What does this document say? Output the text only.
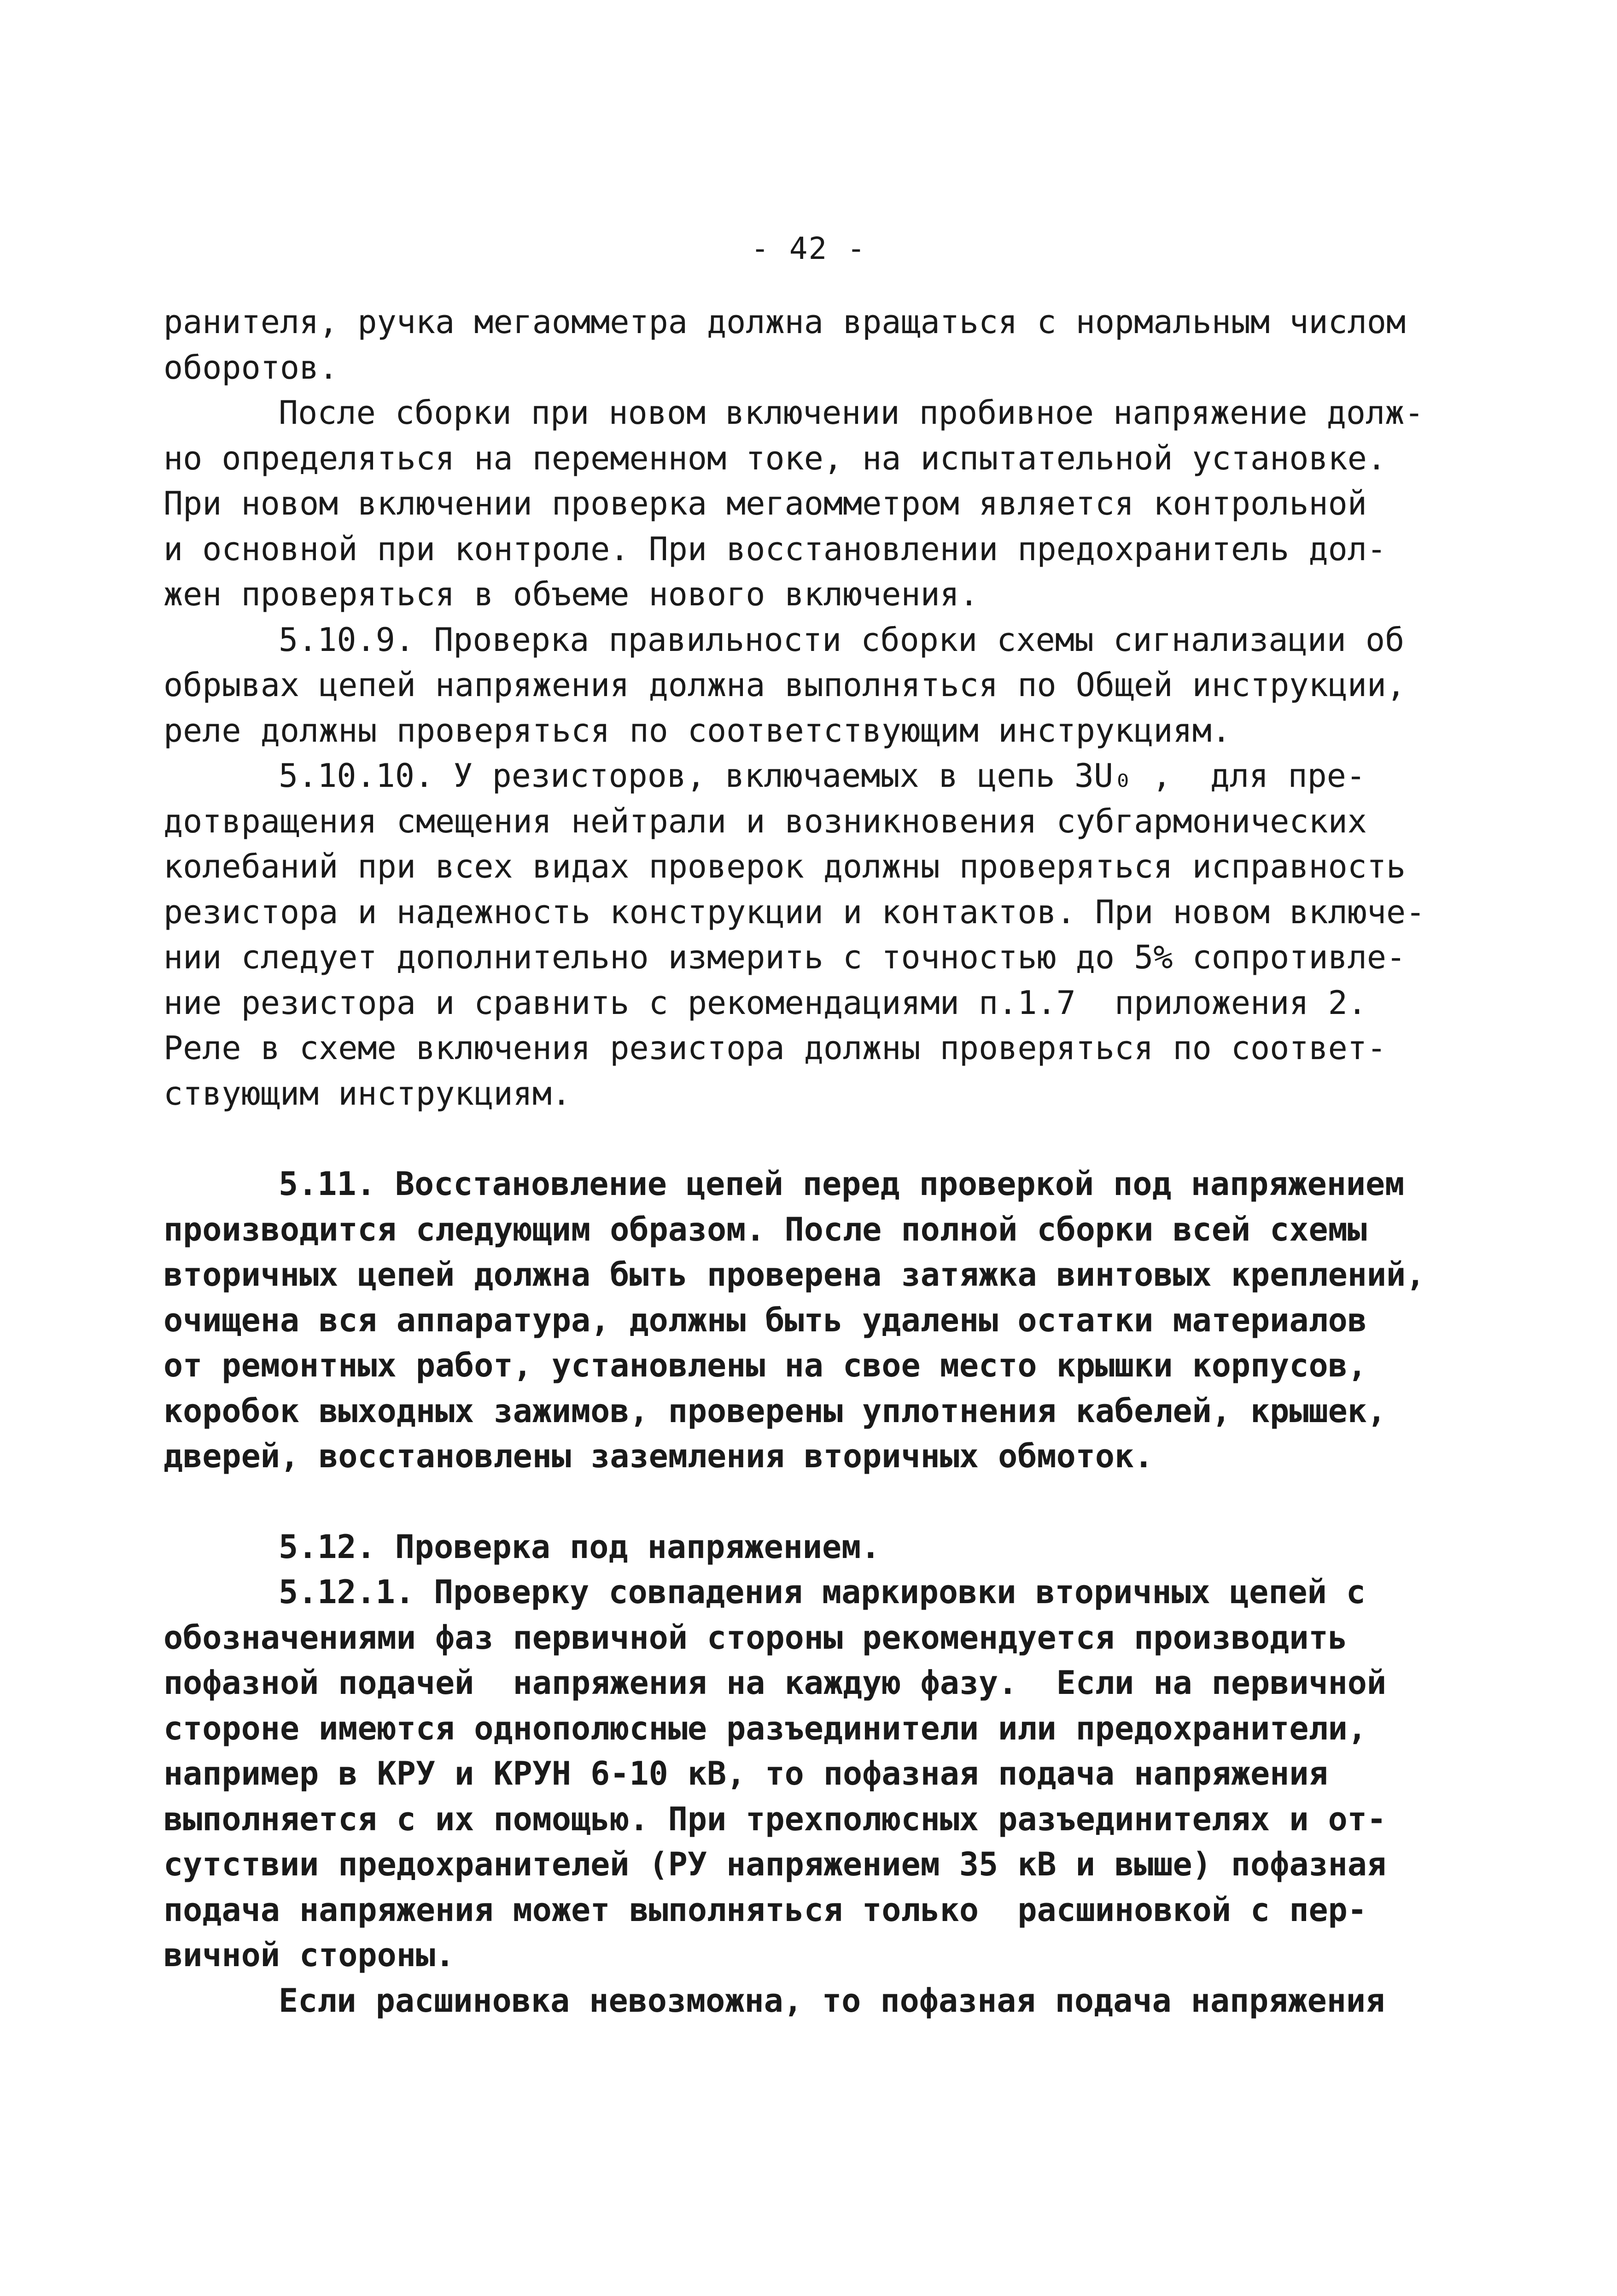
- 42 -
ранителя, ручка мегаомметра должна вращаться с нормальным числом
оборотов.
После сборки при новом включении пробивное напряжение долж-
но определяться на переменном токе, на испытательной установке.
При новом включении проверка мегаомметром является контрольной
и основной при контроле. При восстановлении предохранитель дол-
жен проверяться в объеме нового включения.
5.10.9. Проверка правильности сборки схемы сигнализации об
обрывах цепей напряжения должна выполняться по Общей инструкции,
реле должны проверяться по соответствующим инструкциям.
5.10.10. У резисторов, включаемых в цепь 3U₀ ,  для пре-
дотвращения смещения нейтрали и возникновения субгармонических
колебаний при всех видах проверок должны проверяться исправность
резистора и надежность конструкции и контактов. При новом включе-
нии следует дополнительно измерить с точностью до 5% сопротивле-
ние резистора и сравнить с рекомендациями п.1.7  приложения 2.
Реле в схеме включения резистора должны проверяться по соответ-
ствующим инструкциям.
5.11. Восстановление цепей перед проверкой под напряжением
производится следующим образом. После полной сборки всей схемы
вторичных цепей должна быть проверена затяжка винтовых креплений,
очищена вся аппаратура, должны быть удалены остатки материалов
от ремонтных работ, установлены на свое место крышки корпусов,
коробок выходных зажимов, проверены уплотнения кабелей, крышек,
дверей, восстановлены заземления вторичных обмоток.
5.12. Проверка под напряжением.
5.12.1. Проверку совпадения маркировки вторичных цепей с
обозначениями фаз первичной стороны рекомендуется производить
пофазной подачей  напряжения на каждую фазу.  Если на первичной
стороне имеются однополюсные разъединители или предохранители,
например в КРУ и КРУН 6-10 кВ, то пофазная подача напряжения
выполняется с их помощью. При трехполюсных разъединителях и от-
сутствии предохранителей (РУ напряжением 35 кВ и выше) пофазная
подача напряжения может выполняться только  расшиновкой с пер-
вичной стороны.
Если расшиновка невозможна, то пофазная подача напряжения
